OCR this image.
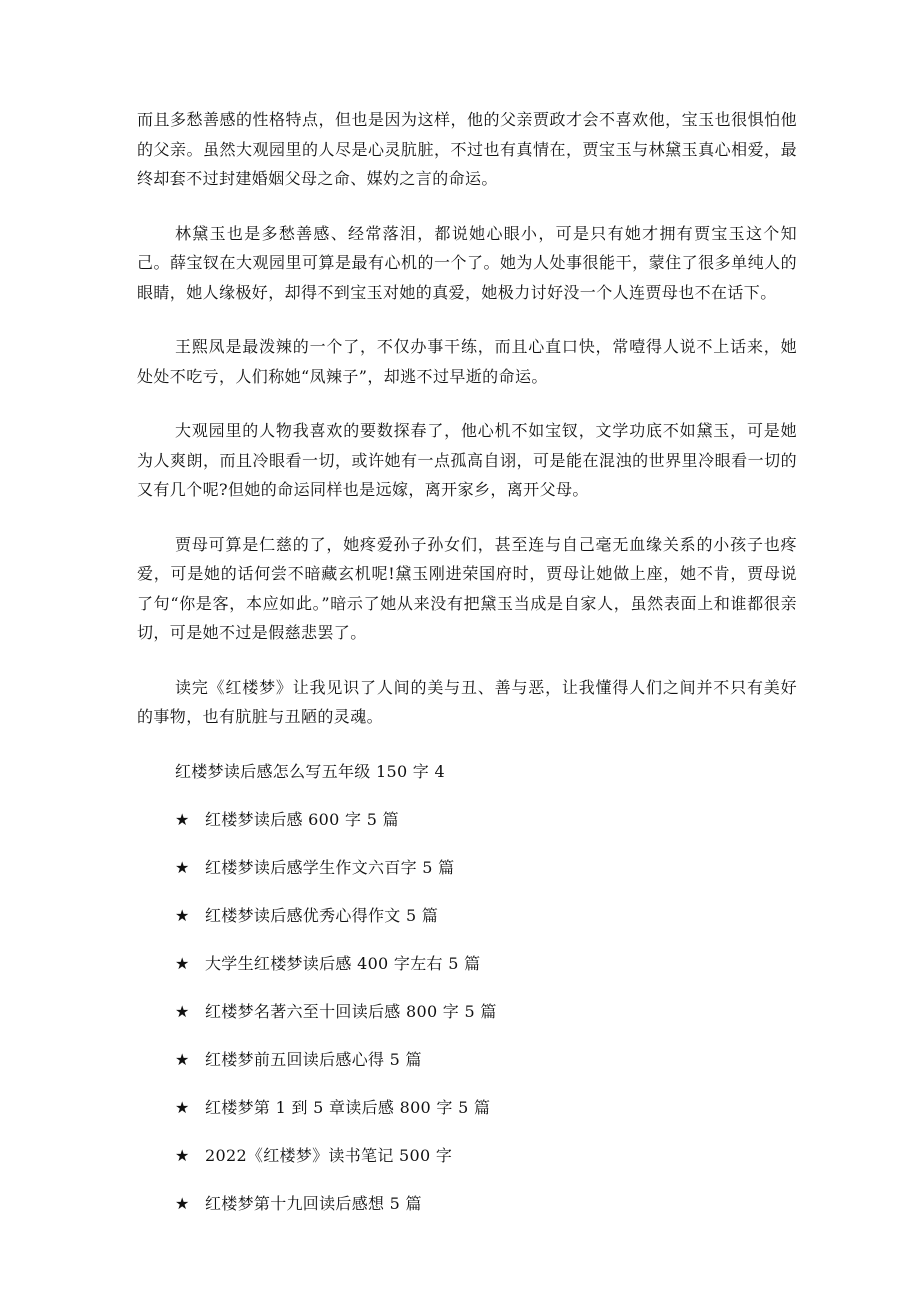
而且多愁善感的性格特点，但也是因为这样，他的父亲贾政才会不喜欢他，宝玉也很惧怕他的父亲。虽然大观园里的人尽是心灵肮脏，不过也有真情在，贾宝玉与林黛玉真心相爱，最终却套不过封建婚姻父母之命、媒妁之言的命运。

林黛玉也是多愁善感、经常落泪，都说她心眼小，可是只有她才拥有贾宝玉这个知己。薛宝钗在大观园里可算是最有心机的一个了。她为人处事很能干，蒙住了很多单纯人的眼睛，她人缘极好，却得不到宝玉对她的真爱，她极力讨好没一个人连贾母也不在话下。

王熙凤是最泼辣的一个了，不仅办事干练，而且心直口快，常噎得人说不上话来，她处处不吃亏，人们称她“凤辣子”，却逃不过早逝的命运。

大观园里的人物我喜欢的要数探春了，他心机不如宝钗，文学功底不如黛玉，可是她为人爽朗，而且冷眼看一切，或许她有一点孤高自诩，可是能在混浊的世界里冷眼看一切的又有几个呢?但她的命运同样也是远嫁，离开家乡，离开父母。

贾母可算是仁慈的了，她疼爱孙子孙女们，甚至连与自己毫无血缘关系的小孩子也疼爱，可是她的话何尝不暗藏玄机呢!黛玉刚进荣国府时，贾母让她做上座，她不肯，贾母说了句“你是客，本应如此。”暗示了她从来没有把黛玉当成是自家人，虽然表面上和谁都很亲切，可是她不过是假慈悲罢了。

读完《红楼梦》让我见识了人间的美与丑、善与恶，让我懂得人们之间并不只有美好的事物，也有肮脏与丑陋的灵魂。

红楼梦读后感怎么写五年级 150 字 4

★ 红楼梦读后感 600 字 5 篇
★ 红楼梦读后感学生作文六百字 5 篇
★ 红楼梦读后感优秀心得作文 5 篇
★ 大学生红楼梦读后感 400 字左右 5 篇
★ 红楼梦名著六至十回读后感 800 字 5 篇
★ 红楼梦前五回读后感心得 5 篇
★ 红楼梦第 1 到 5 章读后感 800 字 5 篇
★ 2022《红楼梦》读书笔记 500 字
★ 红楼梦第十九回读后感想 5 篇
